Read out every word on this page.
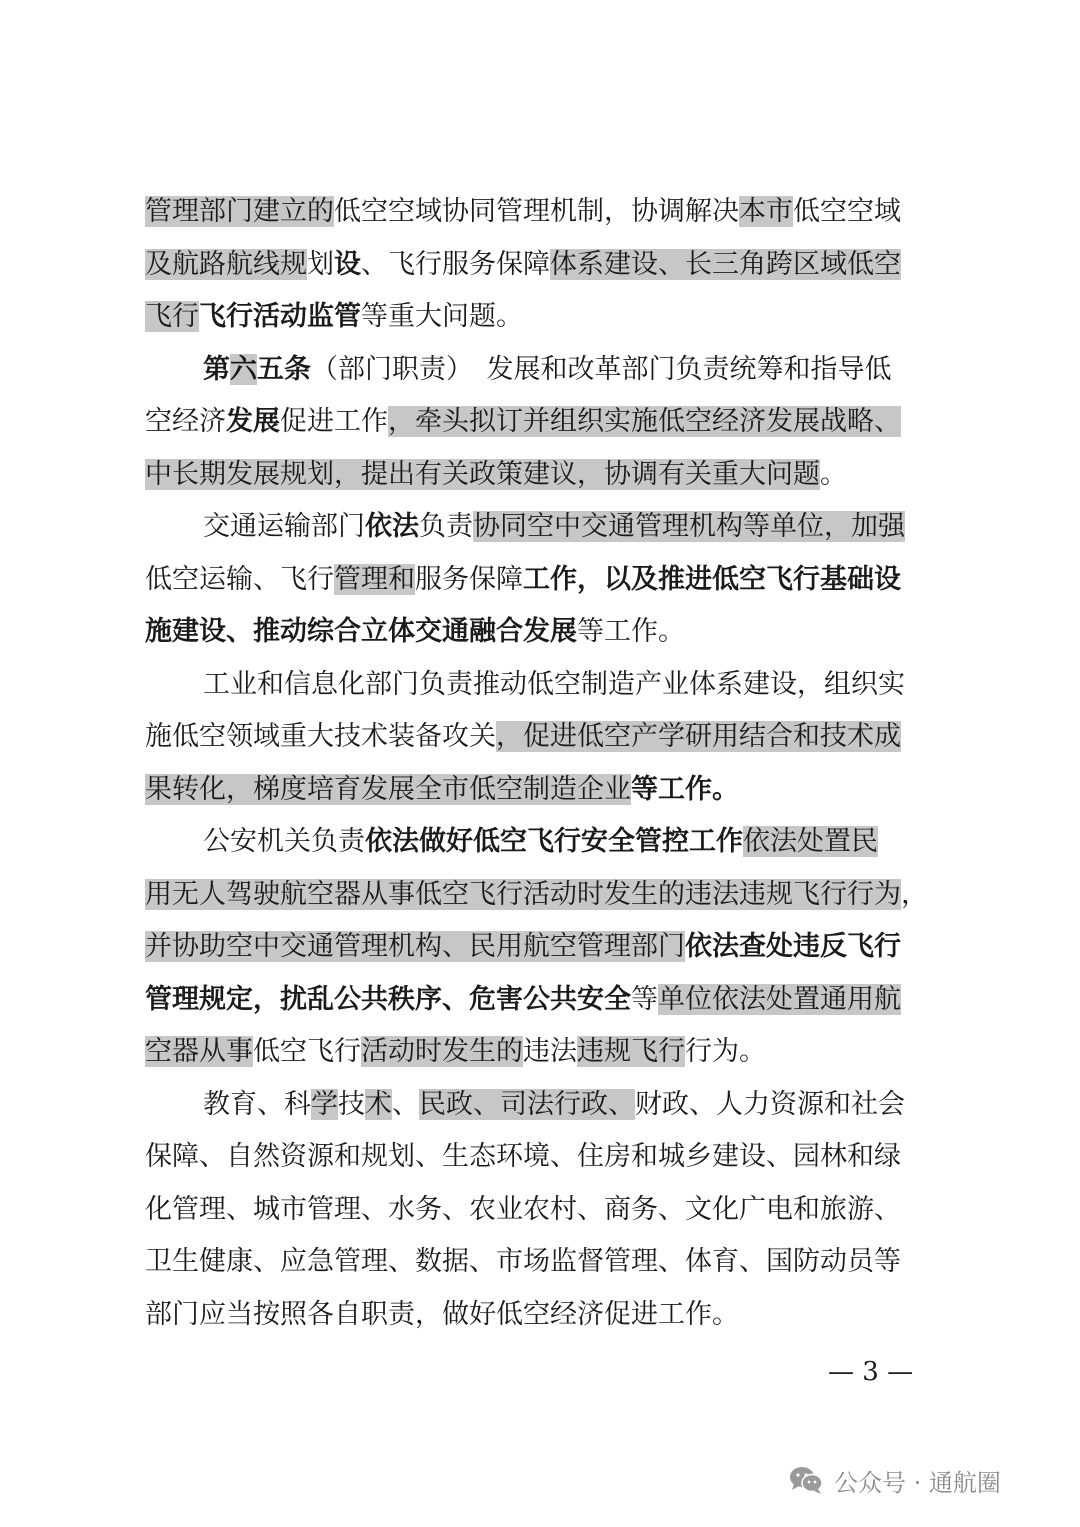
管理部门建立的低空空域协同管理机制，协调解决本市低空空域
及航路航线规划设、飞行服务保障体系建设、长三角跨区域低空
飞行飞行活动监管等重大问题。
第六五条（部门职责）　发展和改革部门负责统筹和指导低
空经济发展促进工作，牵头拟订并组织实施低空经济发展战略、
中长期发展规划，提出有关政策建议，协调有关重大问题。
交通运输部门依法负责协同空中交通管理机构等单位，加强
低空运输、飞行管理和服务保障工作，以及推进低空飞行基础设
施建设、推动综合立体交通融合发展等工作。
工业和信息化部门负责推动低空制造产业体系建设，组织实
施低空领域重大技术装备攻关，促进低空产学研用结合和技术成
果转化，梯度培育发展全市低空制造企业等工作。
公安机关负责依法做好低空飞行安全管控工作依法处置民
用无人驾驶航空器从事低空飞行活动时发生的违法违规飞行行为，
并协助空中交通管理机构、民用航空管理部门依法查处违反飞行
管理规定，扰乱公共秩序、危害公共安全等单位依法处置通用航
空器从事低空飞行活动时发生的违法违规飞行行为。
教育、科学技术、民政、司法行政、财政、人力资源和社会
保障、自然资源和规划、生态环境、住房和城乡建设、园林和绿
化管理、城市管理、水务、农业农村、商务、文化广电和旅游、
卫生健康、应急管理、数据、市场监督管理、体育、国防动员等
部门应当按照各自职责，做好低空经济促进工作。
— 3 —
公众号 · 通航圈
